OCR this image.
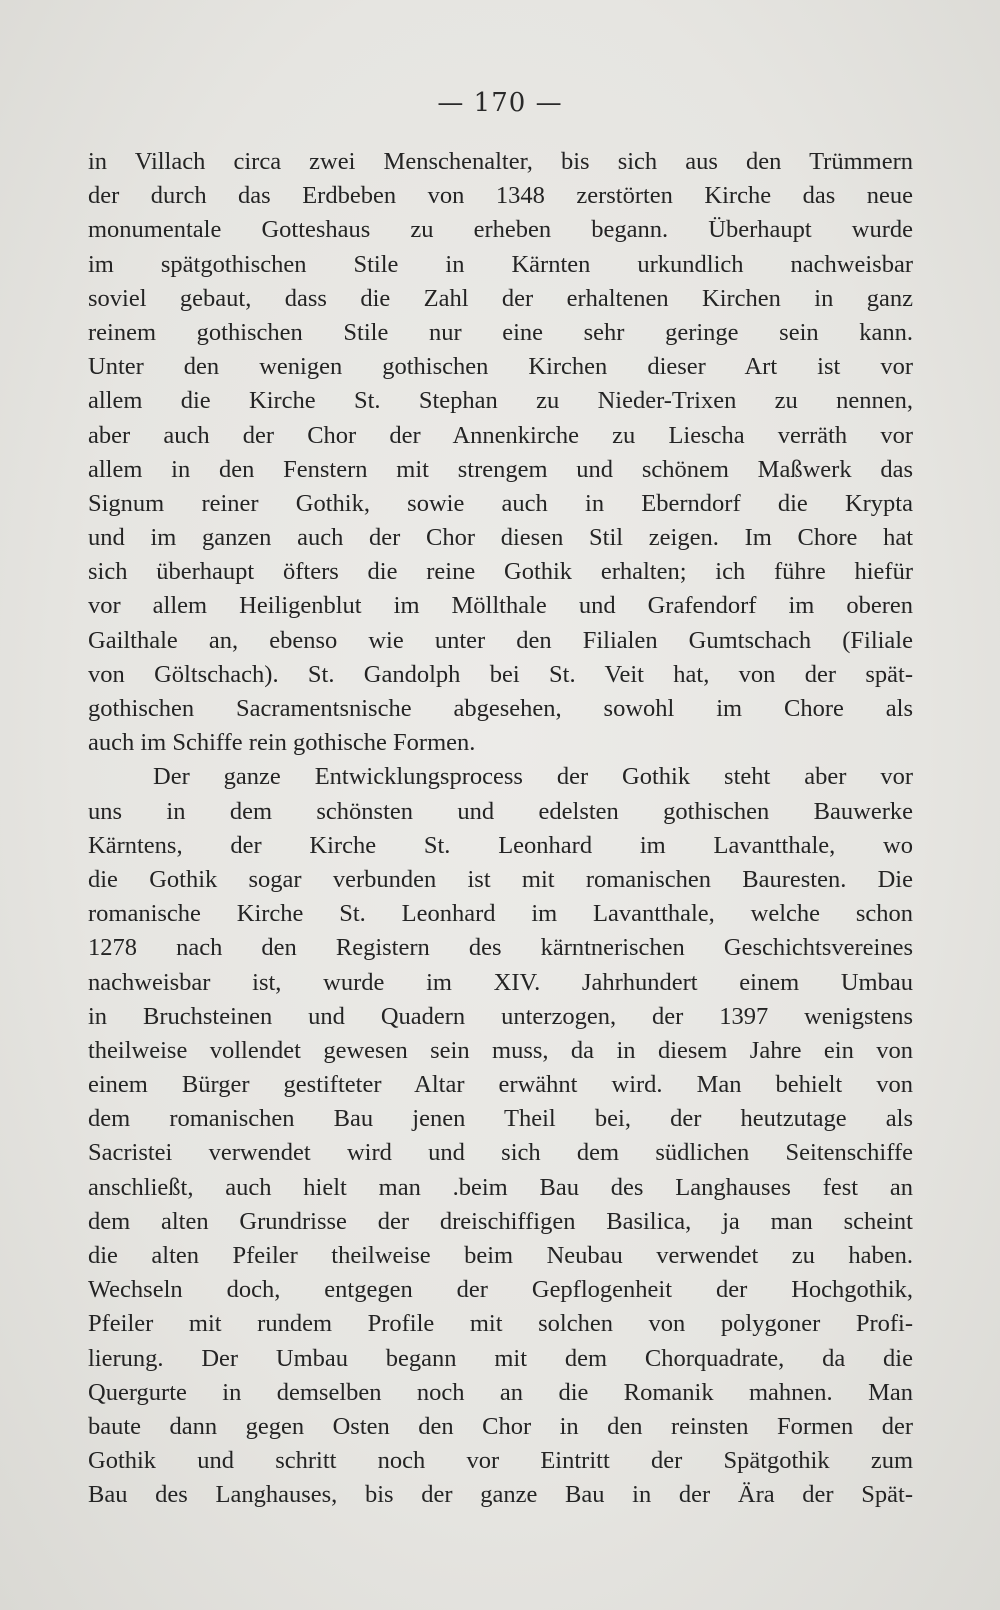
— 170 —
in Villach circa zwei Menschenalter, bis sich aus den Trümmern
der durch das Erdbeben von 1348 zerstörten Kirche das neue
monumentale Gotteshaus zu erheben begann. Überhaupt wurde
im spätgothischen Stile in Kärnten urkundlich nachweisbar
soviel gebaut, dass die Zahl der erhaltenen Kirchen in ganz
reinem gothischen Stile nur eine sehr geringe sein kann.
Unter den wenigen gothischen Kirchen dieser Art ist vor
allem die Kirche St. Stephan zu Nieder-Trixen zu nennen,
aber auch der Chor der Annenkirche zu Liescha verräth vor
allem in den Fenstern mit strengem und schönem Maßwerk das
Signum reiner Gothik, sowie auch in Eberndorf die Krypta
und im ganzen auch der Chor diesen Stil zeigen. Im Chore hat
sich überhaupt öfters die reine Gothik erhalten; ich führe hiefür
vor allem Heiligenblut im Möllthale und Grafendorf im oberen
Gailthale an, ebenso wie unter den Filialen Gumtschach (Filiale
von Göltschach). St. Gandolph bei St. Veit hat, von der spät-
gothischen Sacramentsnische abgesehen, sowohl im Chore als
auch im Schiffe rein gothische Formen.
Der ganze Entwicklungsprocess der Gothik steht aber vor
uns in dem schönsten und edelsten gothischen Bauwerke
Kärntens, der Kirche St. Leonhard im Lavantthale, wo
die Gothik sogar verbunden ist mit romanischen Bauresten. Die
romanische Kirche St. Leonhard im Lavantthale, welche schon
1278 nach den Registern des kärntnerischen Geschichtsvereines
nachweisbar ist, wurde im XIV. Jahrhundert einem Umbau
in Bruchsteinen und Quadern unterzogen, der 1397 wenigstens
theilweise vollendet gewesen sein muss, da in diesem Jahre ein von
einem Bürger gestifteter Altar erwähnt wird. Man behielt von
dem romanischen Bau jenen Theil bei, der heutzutage als
Sacristei verwendet wird und sich dem südlichen Seitenschiffe
anschließt, auch hielt man .beim Bau des Langhauses fest an
dem alten Grundrisse der dreischiffigen Basilica, ja man scheint
die alten Pfeiler theilweise beim Neubau verwendet zu haben.
Wechseln doch, entgegen der Gepflogenheit der Hochgothik,
Pfeiler mit rundem Profile mit solchen von polygoner Profi-
lierung. Der Umbau begann mit dem Chorquadrate, da die
Quergurte in demselben noch an die Romanik mahnen. Man
baute dann gegen Osten den Chor in den reinsten Formen der
Gothik und schritt noch vor Eintritt der Spätgothik zum
Bau des Langhauses, bis der ganze Bau in der Ära der Spät-
